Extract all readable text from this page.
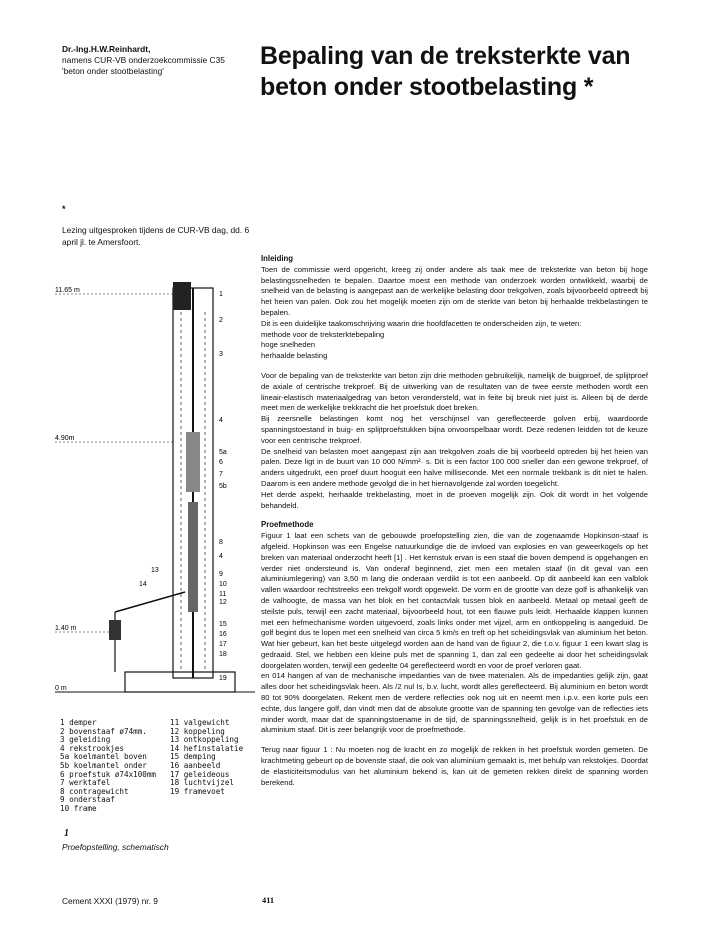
Dr.-Ing.H.W.Reinhardt,
namens CUR-VB onderzoekcommissie C35
'beton onder stootbelasting'
Bepaling van de treksterkte van beton onder stootbelasting *
*
Lezing uitgesproken tijdens de CUR-VB dag, dd. 6 april jl. te Amersfoort.
11.65 m
4.90m
1.40 m
0 m
13
14
1
2
3
4
5a
6
7
5b
8
4
9
10
11
12
15
16
17
18
19
1 demper
2 bovenstaaf ø74mm.
3 geleiding
4 rekstrookjes
5a koelmantel boven
5b koelmantel onder
6 proefstuk ø74x100mm
7 werktafel
8 contragewicht
9 onderstaaf
10 frame
11 valgewicht
12 koppeling
13 ontkoppeling
14 hefinstalatie
15 demping
16 aanbeeld
17 geleideous
18 luchtvijzel
19 framevoet
1
Proefopstelling, schematisch
Inleiding

Toen de commissie werd opgericht, kreeg zij onder andere als taak mee de treksterkte van beton bij hoge belastingssnelheden te bepalen. Daartoe moest een methode van onderzoek worden ontwikkeld, waarbij de snelheid van de belasting is aangepast aan de werkelijke belasting door trekgolven, zoals bijvoorbeeld optreedt bij het heien van palen. Ook zou het mogelijk moeten zijn om de sterkte van beton bij herhaalde trekbelastingen te bepalen.

Dit is een duidelijke taakomschrijving waarin drie hoofdfacetten te onderscheiden zijn, te weten:

methode voor de treksterktebepaling

hoge snelheden

herhaalde belasting

Voor de bepaling van de treksterkte van beton zijn drie methoden gebruikelijk, namelijk de buigproef, de splijtproef de axiale of centrische trekproef. Bij de uitwerking van de resultaten van de twee eerste methoden wordt een lineair-elastisch materiaalgedrag van beton verondersteld, wat in feite bij breuk niet juist is. Alleen bij de derde meet men de werkelijke trekkracht die het proefstuk doet breken.

Bij zeersnelle belastingen komt nog het verschijnsel van gereflecteerde golven erbij, waardoorde spanningstoestand in buig- en splijtproefstukken bijna onvoorspelbaar wordt. Deze redenen leidden tot de keuze voor een centrische trekproef.

De snelheid van belasten moet aangepast zijn aan trekgolven zoals die bij voorbeeld optreden bij het heien van palen. Deze ligt in de buurt van 10 000 N/mm²· s. Dit is een factor 100 000 sneller dan een gewone trekproef, of anders uitgedrukt, een proef duurt hooguit een halve milliseconde. Met een normale trekbank is dit niet te halen. Daarom is een andere methode gevolgd die in het hiernavolgende zal worden toegelicht.

Het derde aspekt, herhaalde trekbelasting, moet in de proeven mogelijk zijn. Ook dit wordt in het volgende behandeld.

Proefmethode

Figuur 1 laat een schets van de gebouwde proefopstelling zien, die van de zogenaamde Hopkinson-staaf is afgeleid. Hopkinson was een Engelse natuurkundige die de invloed van explosies en van geweerkogels op het breken van materiaal onderzocht heeft [1] . Het kernstuk ervan is een staaf die boven dempend is opgehangen en verder niet ondersteund is. Van onderaf beginnend, ziet men een metalen staaf (in dit geval van een aluminiumlegering) van 3,50 m lang die onderaan verdikt is tot een aanbeeld. Op dit aanbeeld kan een valblok vallen waardoor rechtstreeks een trekgolf wordt opgewekt. De vorm en de grootte van deze golf is afhankelijk van de valhoogte, de massa van het blok en het contactvlak tussen blok en aanbeeld. Metaal op metaal geeft de steilste puls, terwijl een zacht materiaal, bijvoorbeeld hout, tot een flauwe puls leidt. Herhaalde klappen kunnen met een hefmechanisme worden uitgevoerd, zoals links onder met vijzel, arm en ontkoppeling is aangeduid. De golf begint dus te lopen met een snelheid van circa 5 km/s en treft op het scheidingsvlak van aluminium het beton. Wat hier gebeurt, kan het beste uitgelegd worden aan de hand van de figuur 2, die t.o.v. figuur 1 een kwart slag is gedraaid. Stel, we hebben een kleine puls met de spanning 1, dan zal een gedeelte ai door het scheidingsvlak doorgelaten worden, terwijl een gedeelte 04 gereflecteerd wordt en voor de proef verloren gaat.

en 014 hangen af van de mechanische impedanties van de twee materialen. Als de impedanties gelijk zijn, gaat alles door het scheidingsvlak heen. Als /2 nul Is, b.v. lucht, wordt alles gereflecteerd. Bij aluminium en beton wordt 80 tot 90% doorgelaten. Rekent men de verdere reflecties ook nog uit en neemt men i.p.v. een korte puls een echte, dus langere golf, dan vindt men dat de absolute grootte van de spanning ten gevolge van de reflecties iets minder wordt, maar dat de spanningstoename in de tijd, de spanningssnelheid, gelijk is in het proefstuk en de aluminium staaf. Dit is zeer belangrijk voor de proefmethode.

Terug naar figuur 1 : Nu moeten nog de kracht en zo mogelijk de rekken in het proefstuk worden gemeten. De krachtmeting gebeurt op de bovenste staaf, die ook van aluminium gemaakt is, met behulp van rekstokjes. Doordat de elasticiteitsmodulus van het aluminium bekend is, kan uit de gemeten rekken direkt de spanning worden berekend.

Cement XXXI (1979) nr. 9	411
